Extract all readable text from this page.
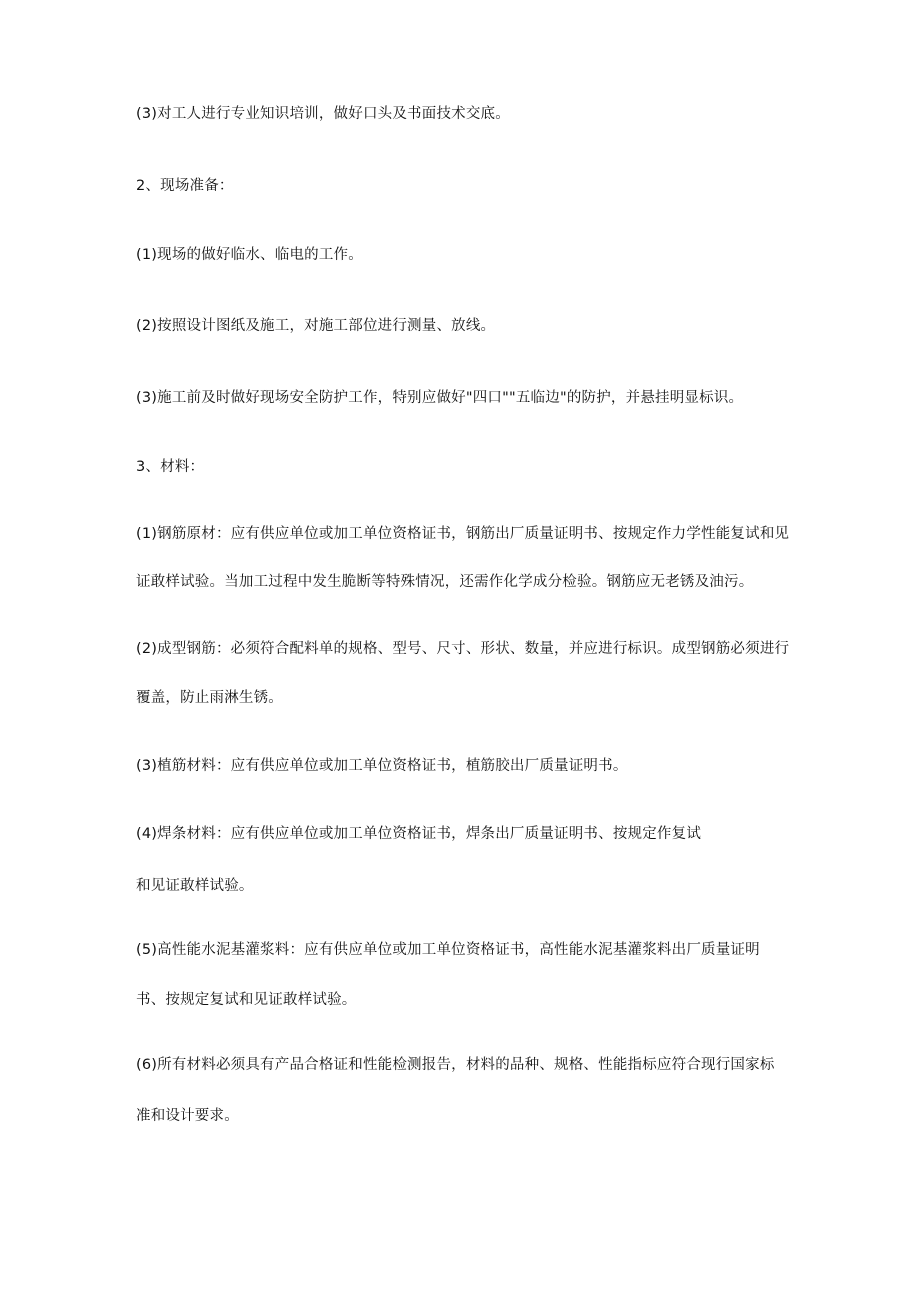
(3)对工人进行专业知识培训，做好口头及书面技术交底。

2、现场准备：

(1)现场的做好临水、临电的工作。

(2)按照设计图纸及施工，对施工部位进行测量、放线。

(3)施工前及时做好现场安全防护工作，特别应做好"四口""五临边"的防护，并悬挂明显标识。

3、材料：

(1)钢筋原材：应有供应单位或加工单位资格证书，钢筋出厂质量证明书、按规定作力学性能复试和见

证敢样试验。当加工过程中发生脆断等特殊情况，还需作化学成分检验。钢筋应无老锈及油污。

(2)成型钢筋：必须符合配料单的规格、型号、尺寸、形状、数量，并应进行标识。成型钢筋必须进行

覆盖，防止雨淋生锈。

(3)植筋材料：应有供应单位或加工单位资格证书，植筋胶出厂质量证明书。

(4)焊条材料：应有供应单位或加工单位资格证书，焊条出厂质量证明书、按规定作复试

和见证敢样试验。

(5)高性能水泥基灌浆料：应有供应单位或加工单位资格证书，高性能水泥基灌浆料出厂质量证明

书、按规定复试和见证敢样试验。

(6)所有材料必须具有产品合格证和性能检测报告，材料的品种、规格、性能指标应符合现行国家标

准和设计要求。
